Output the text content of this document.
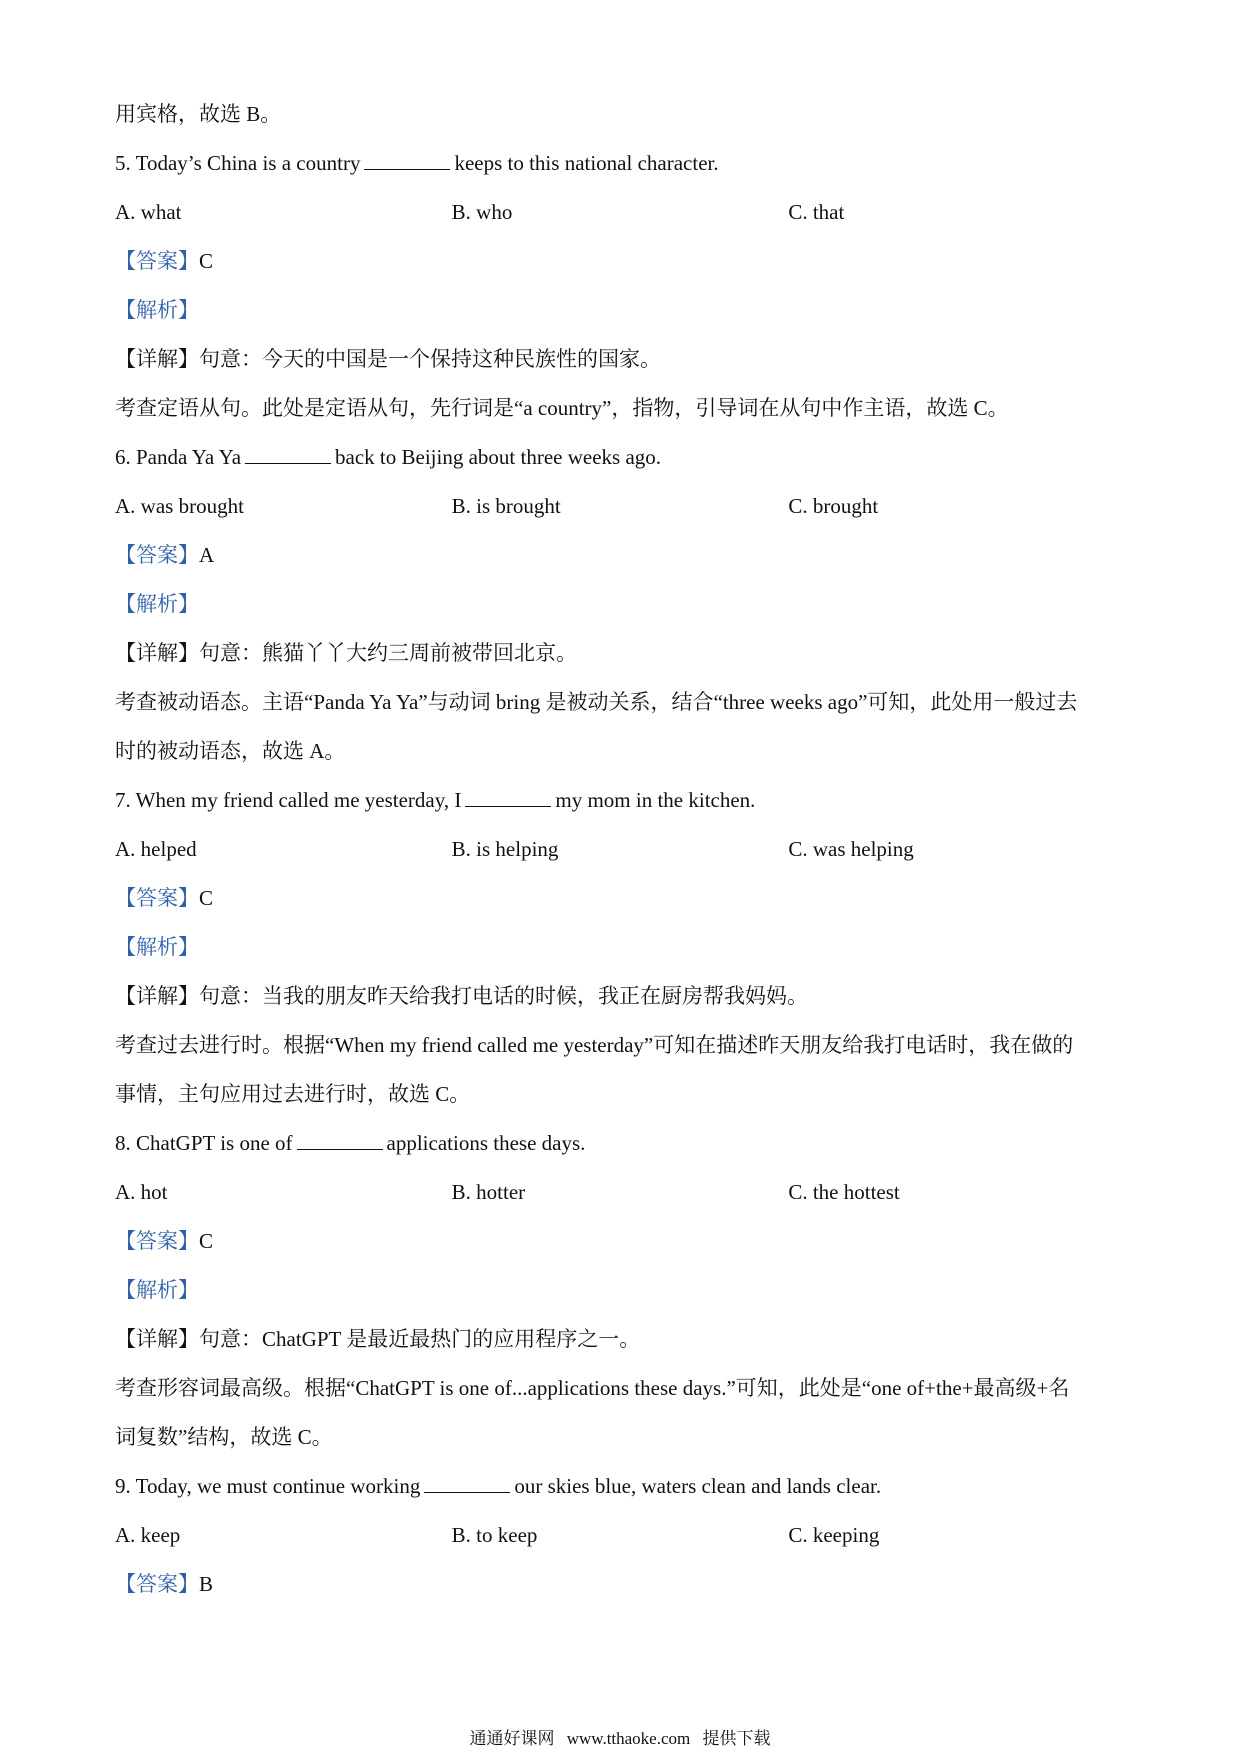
用宾格，故选 B。
5. Today’s China is a country	keeps to this national character.
A. what	B. who	C. that
【答案】C
【解析】
【详解】句意：今天的中国是一个保持这种民族性的国家。
考查定语从句。此处是定语从句，先行词是“a country”，指物，引导词在从句中作主语，故选 C。
6. Panda Ya Ya	back to Beijing about three weeks ago.
A. was brought	B. is brought	C. brought
【答案】A
【解析】
【详解】句意：熊猫丫丫大约三周前被带回北京。
考查被动语态。主语“Panda Ya Ya”与动词 bring 是被动关系，结合“three weeks ago”可知，此处用一般过去
时的被动语态，故选 A。
7. When my friend called me yesterday, I	my mom in the kitchen.
A. helped	B. is helping	C. was helping
【答案】C
【解析】
【详解】句意：当我的朋友昨天给我打电话的时候，我正在厨房帮我妈妈。
考查过去进行时。根据“When my friend called me yesterday”可知在描述昨天朋友给我打电话时，我在做的
事情，主句应用过去进行时，故选 C。
8. ChatGPT is one of	applications these days.
A. hot	B. hotter	C. the hottest
【答案】C
【解析】
【详解】句意：ChatGPT 是最近最热门的应用程序之一。
考查形容词最高级。根据“ChatGPT is one of...applications these days.”可知，此处是“one of+the+最高级+名
词复数”结构，故选 C。
9. Today, we must continue working	our skies blue, waters clean and lands clear.
A. keep	B. to keep	C. keeping
【答案】B
通通好课网 www.tthaoke.com 提供下载
